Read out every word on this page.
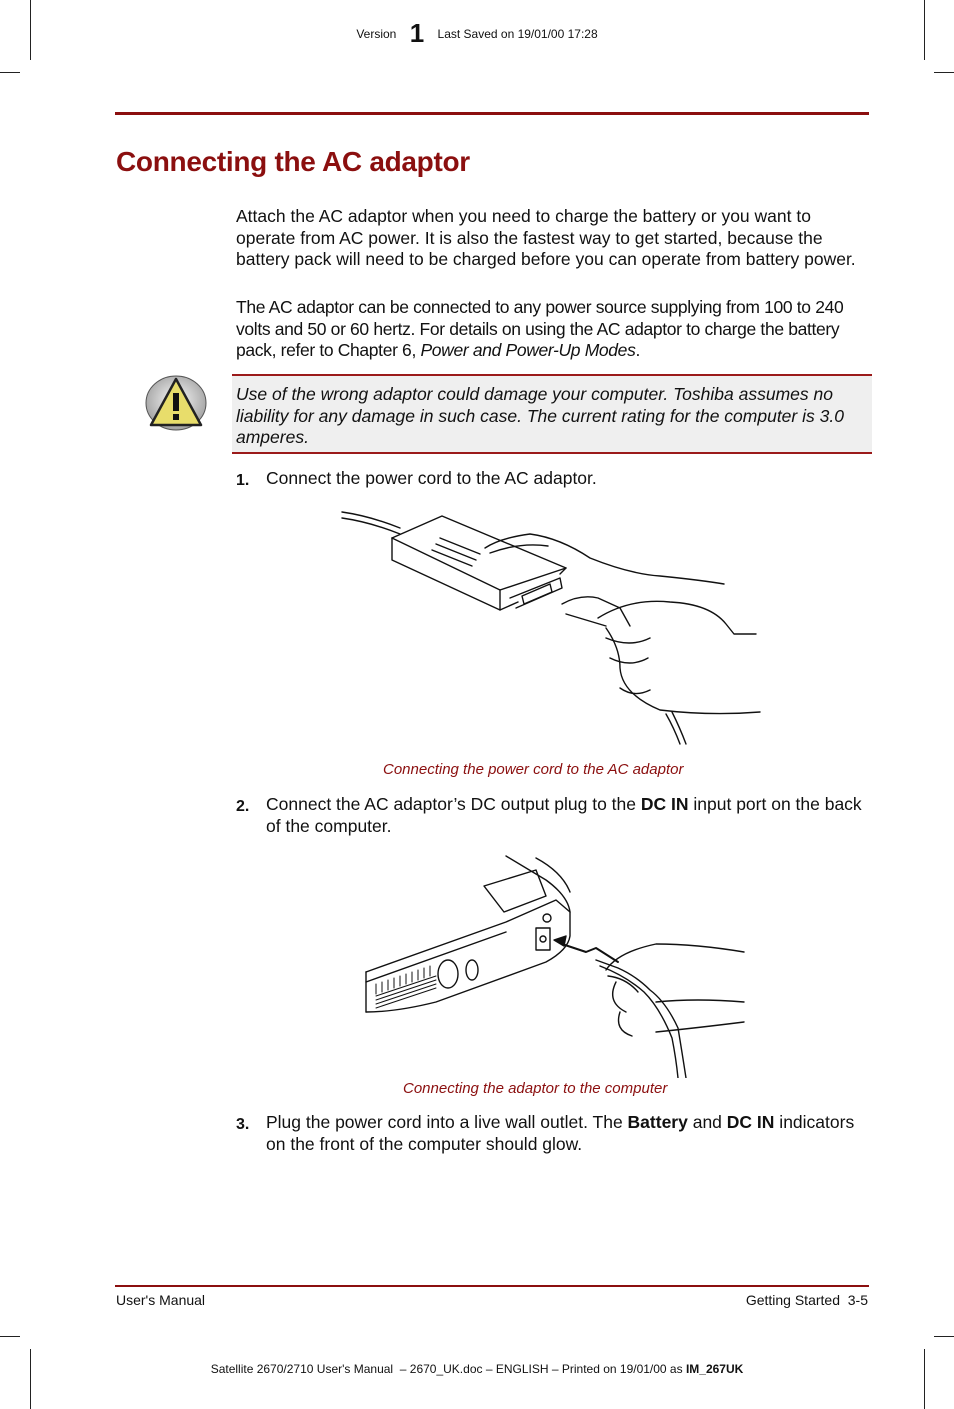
Version 1 Last Saved on 19/01/00 17:28
Connecting the AC adaptor

Attach the AC adaptor when you need to charge the battery or you want to operate from AC power. It is also the fastest way to get started, because the battery pack will need to be charged before you can operate from battery power.

The AC adaptor can be connected to any power source supplying from 100 to 240 volts and 50 or 60 hertz. For details on using the AC adaptor to charge the battery pack, refer to Chapter 6, Power and Power-Up Modes.

Use of the wrong adaptor could damage your computer. Toshiba assumes no liability for any damage in such case. The current rating for the computer is 3.0 amperes.
1. Connect the power cord to the AC adaptor.
Connecting the power cord to the AC adaptor
2. Connect the AC adaptor’s DC output plug to the DC IN input port on the back of the computer.
Connecting the adaptor to the computer
3. Plug the power cord into a live wall outlet. The Battery and DC IN indicators on the front of the computer should glow.
User's Manual	Getting Started  3-5
Satellite 2670/2710 User's Manual  – 2670_UK.doc – ENGLISH – Printed on 19/01/00 as IM_267UK
